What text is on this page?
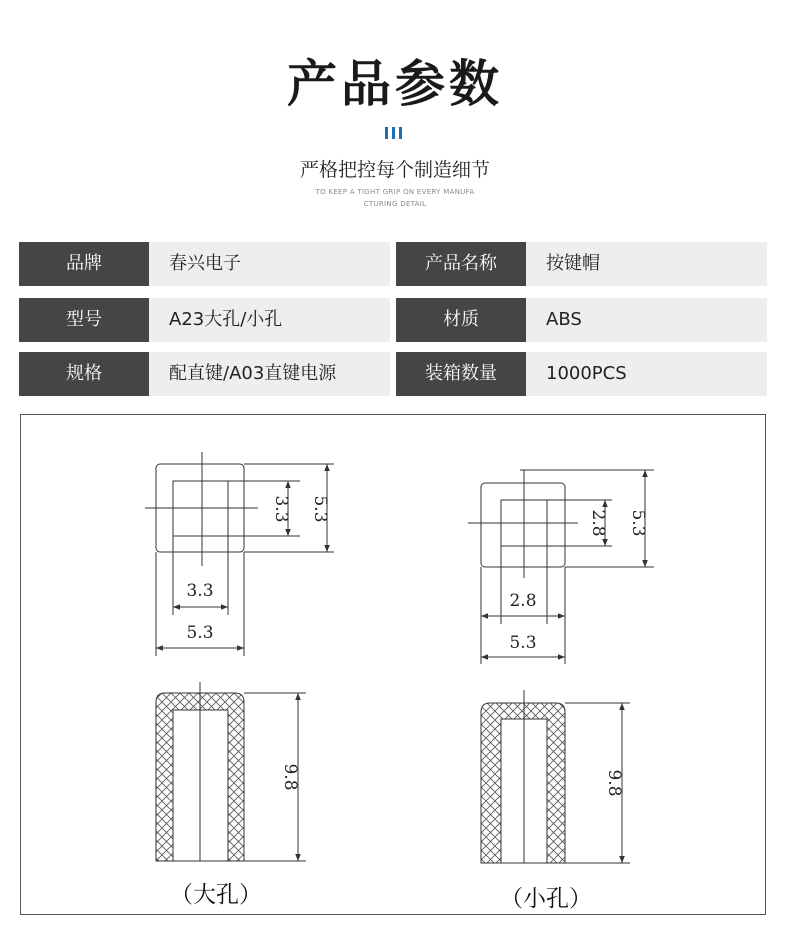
产品参数
严格把控每个制造细节
TO KEEP A TIGHT GRIP ON EVERY MANUFA
CTURING DETAIL
品牌	春兴电子	产品名称	按键帽
型号	A23大孔/小孔	材质	ABS
规格	配直键/A03直键电源	装箱数量	1000PCS
3.3 5.3
3.3
5.3
2.8 5.3
2.8
5.3
9.8	9.8
（大孔）	（小孔）
